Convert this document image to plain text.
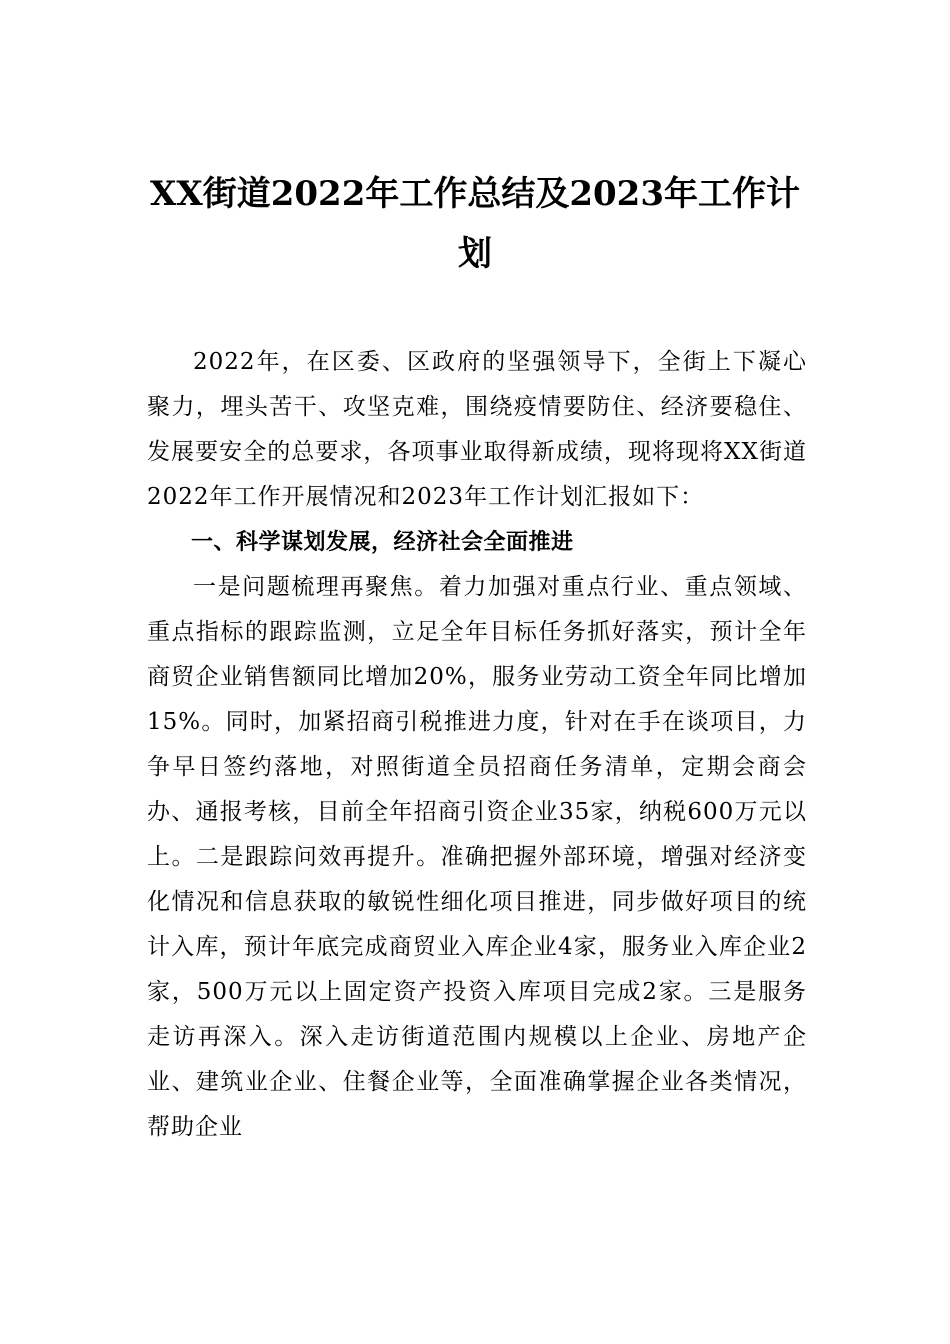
XX街道2022年工作总结及2023年工作计划

2022年，在区委、区政府的坚强领导下，全街上下凝心聚力，埋头苦干、攻坚克难，围绕疫情要防住、经济要稳住、发展要安全的总要求，各项事业取得新成绩，现将现将XX街道2022年工作开展情况和2023年工作计划汇报如下：

一、科学谋划发展，经济社会全面推进

一是问题梳理再聚焦。着力加强对重点行业、重点领域、重点指标的跟踪监测，立足全年目标任务抓好落实，预计全年商贸企业销售额同比增加20%，服务业劳动工资全年同比增加15%。同时，加紧招商引税推进力度，针对在手在谈项目，力争早日签约落地，对照街道全员招商任务清单，定期会商会办、通报考核，目前全年招商引资企业35家，纳税600万元以上。二是跟踪问效再提升。准确把握外部环境，增强对经济变化情况和信息获取的敏锐性细化项目推进，同步做好项目的统计入库，预计年底完成商贸业入库企业4家，服务业入库企业2家，500万元以上固定资产投资入库项目完成2家。三是服务走访再深入。深入走访街道范围内规模以上企业、房地产企业、建筑业企业、住餐企业等，全面准确掌握企业各类情况，帮助企业
